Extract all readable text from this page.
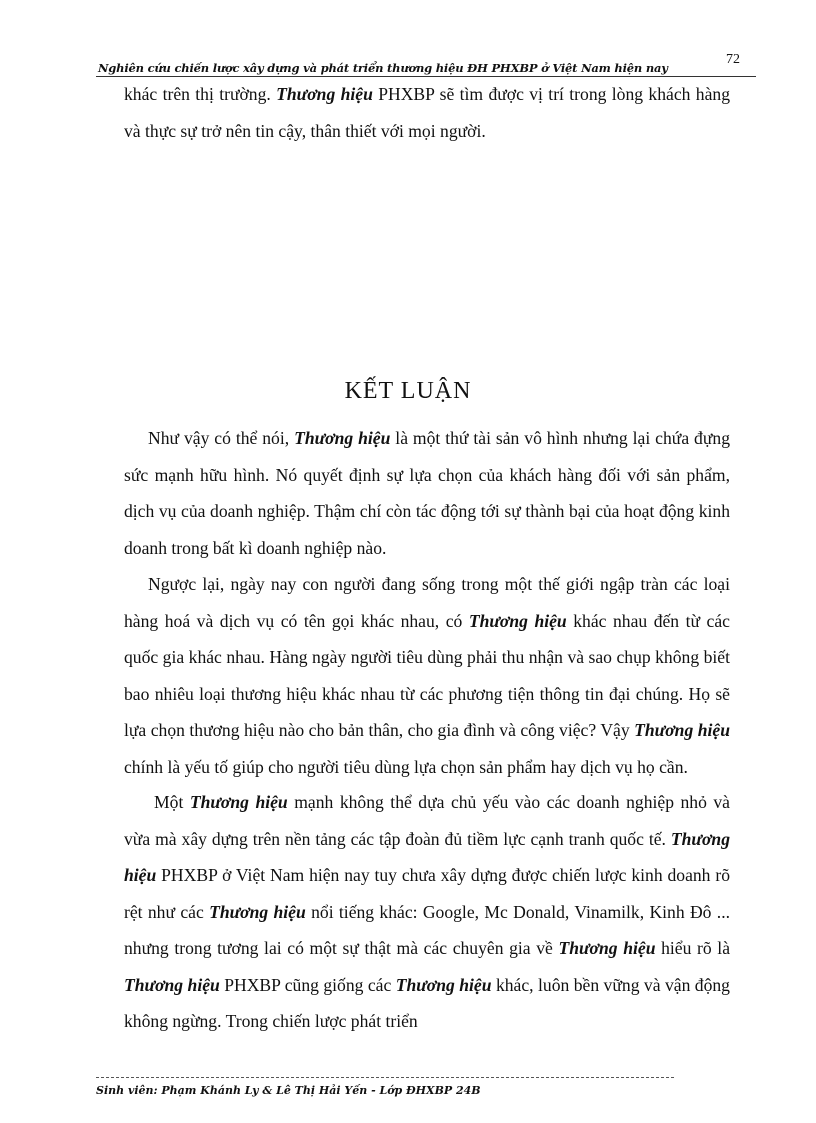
Nghiên cứu chiến lược xây dựng và phát triển thương hiệu ĐH PHXBP ở Việt Nam hiện nay
72

khác trên thị trường. Thương hiệu PHXBP sẽ tìm được vị trí trong lòng khách hàng và thực sự trở nên tin cậy, thân thiết với mọi người.

KẾT LUẬN

Như vậy có thể nói, Thương hiệu là một thứ tài sản vô hình nhưng lại chứa đựng sức mạnh hữu hình. Nó quyết định sự lựa chọn của khách hàng đối với sản phẩm, dịch vụ của doanh nghiệp. Thậm chí còn tác động tới sự thành bại của hoạt động kinh doanh trong bất kì doanh nghiệp nào.

Ngược lại, ngày nay con người đang sống trong một thế giới ngập tràn các loại hàng hoá và dịch vụ có tên gọi khác nhau, có Thương hiệu khác nhau đến từ các quốc gia khác nhau. Hàng ngày người tiêu dùng phải thu nhận và sao chụp không biết bao nhiêu loại thương hiệu khác nhau từ các phương tiện thông tin đại chúng. Họ sẽ lựa chọn thương hiệu nào cho bản thân, cho gia đình và công việc? Vậy Thương hiệu chính là yếu tố giúp cho người tiêu dùng lựa chọn sản phẩm hay dịch vụ họ cần.

Một Thương hiệu mạnh không thể dựa chủ yếu vào các doanh nghiệp nhỏ và vừa mà xây dựng trên nền tảng các tập đoàn đủ tiềm lực cạnh tranh quốc tế. Thương hiệu PHXBP ở Việt Nam hiện nay tuy chưa xây dựng được chiến lược kinh doanh rõ rệt như các Thương hiệu nổi tiếng khác: Google, Mc Donald, Vinamilk, Kinh Đô ... nhưng trong tương lai có một sự thật mà các chuyên gia về Thương hiệu hiểu rõ là Thương hiệu PHXBP cũng giống các Thương hiệu khác, luôn bền vững và vận động không ngừng. Trong chiến lược phát triển

Sinh viên: Phạm Khánh Ly & Lê Thị Hải Yến - Lớp ĐHXBP 24B
